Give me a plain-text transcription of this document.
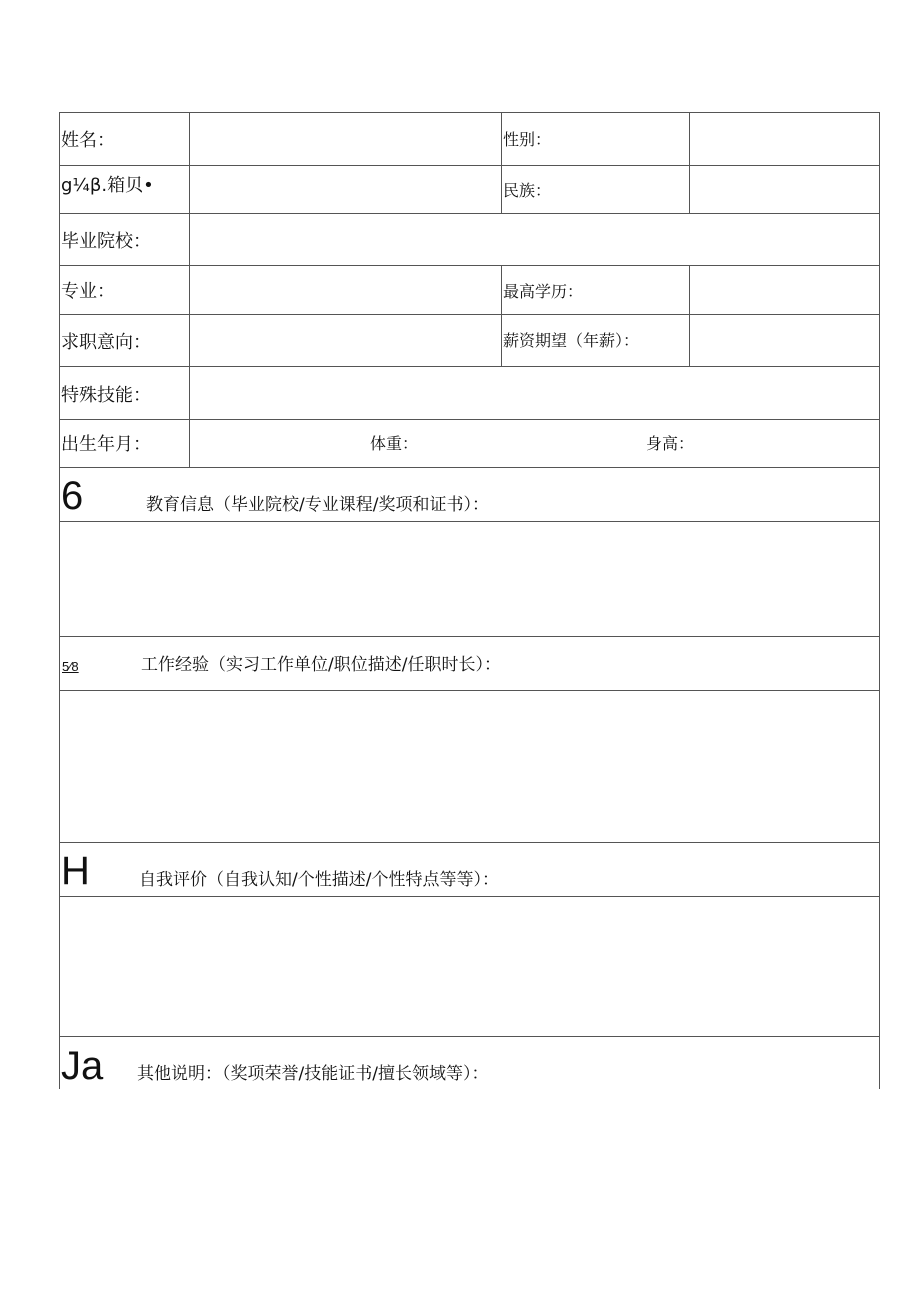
姓名：	性别：
g¼β.箱贝•	民族：
毕业院校：
专业：	最高学历：
求职意向：	薪资期望（年薪）：
特殊技能：
出生年月：	体重：	身高：
6	教育信息（毕业院校/专业课程/奖项和证书）：
5⁄8	工作经验（实习工作单位/职位描述/任职时长）：
H	自我评价（自我认知/个性描述/个性特点等等）：
Ja 其他说明：（奖项荣誉/技能证书/擅长领域等）：
